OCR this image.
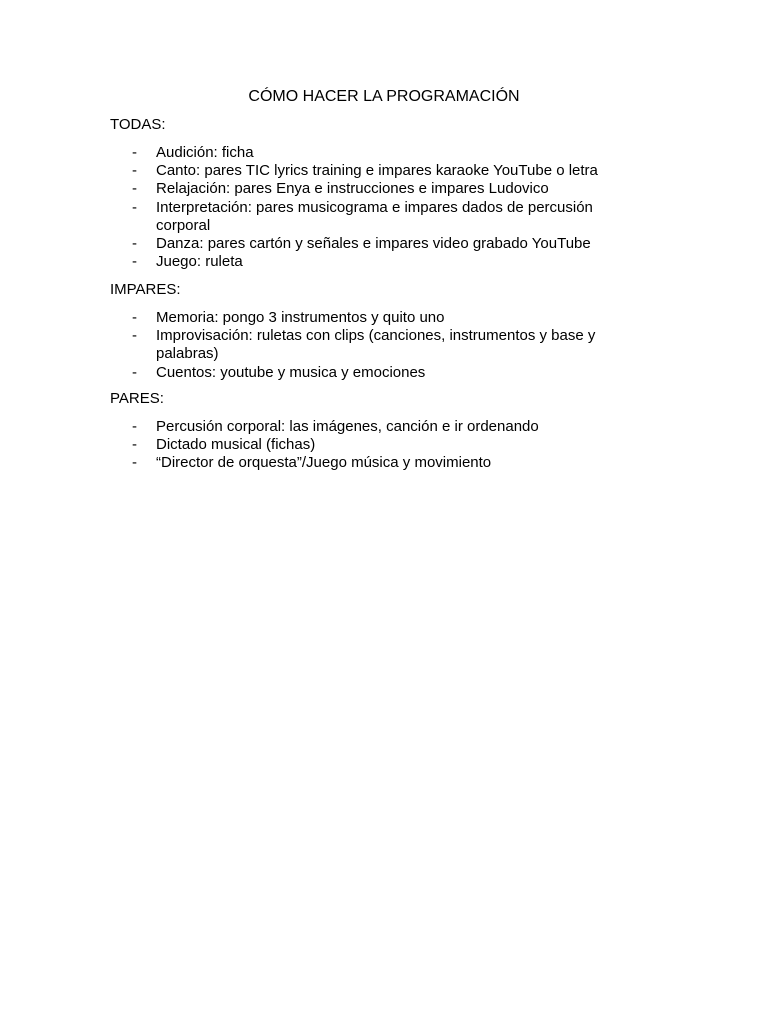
CÓMO HACER LA PROGRAMACIÓN
TODAS:
- Audición: ficha
- Canto: pares TIC lyrics training e impares karaoke YouTube o letra
- Relajación: pares Enya e instrucciones e impares Ludovico
- Interpretación: pares musicograma e impares dados de percusión corporal
- Danza: pares cartón y señales e impares video grabado YouTube
- Juego: ruleta
IMPARES:
- Memoria: pongo 3 instrumentos y quito uno
- Improvisación: ruletas con clips (canciones, instrumentos y base y palabras)
- Cuentos: youtube y musica y emociones
PARES:
- Percusión corporal: las imágenes, canción e ir ordenando
- Dictado musical (fichas)
- “Director de orquesta”/Juego música y movimiento
